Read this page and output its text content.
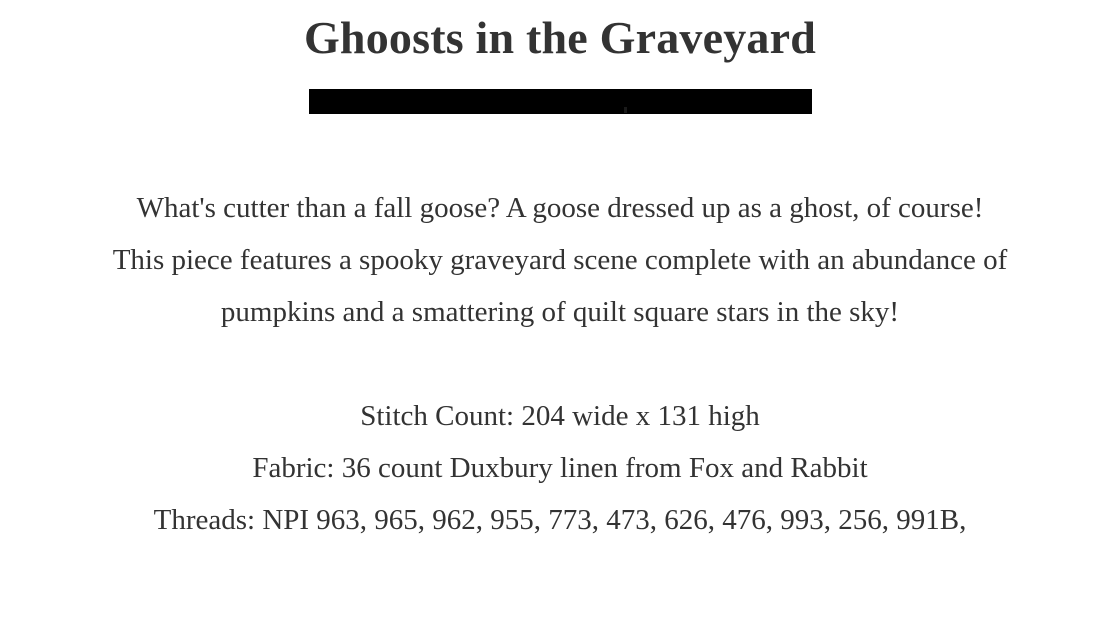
Ghoosts in the Graveyard

What's cutter than a fall goose? A goose dressed up as a ghost, of course! This piece features a spooky graveyard scene complete with an abundance of pumpkins and a smattering of quilt square stars in the sky!

Stitch Count: 204 wide x 131 high

Fabric: 36 count Duxbury linen from Fox and Rabbit

Threads: NPI 963, 965, 962, 955, 773, 473, 626, 476, 993, 256, 991B,
